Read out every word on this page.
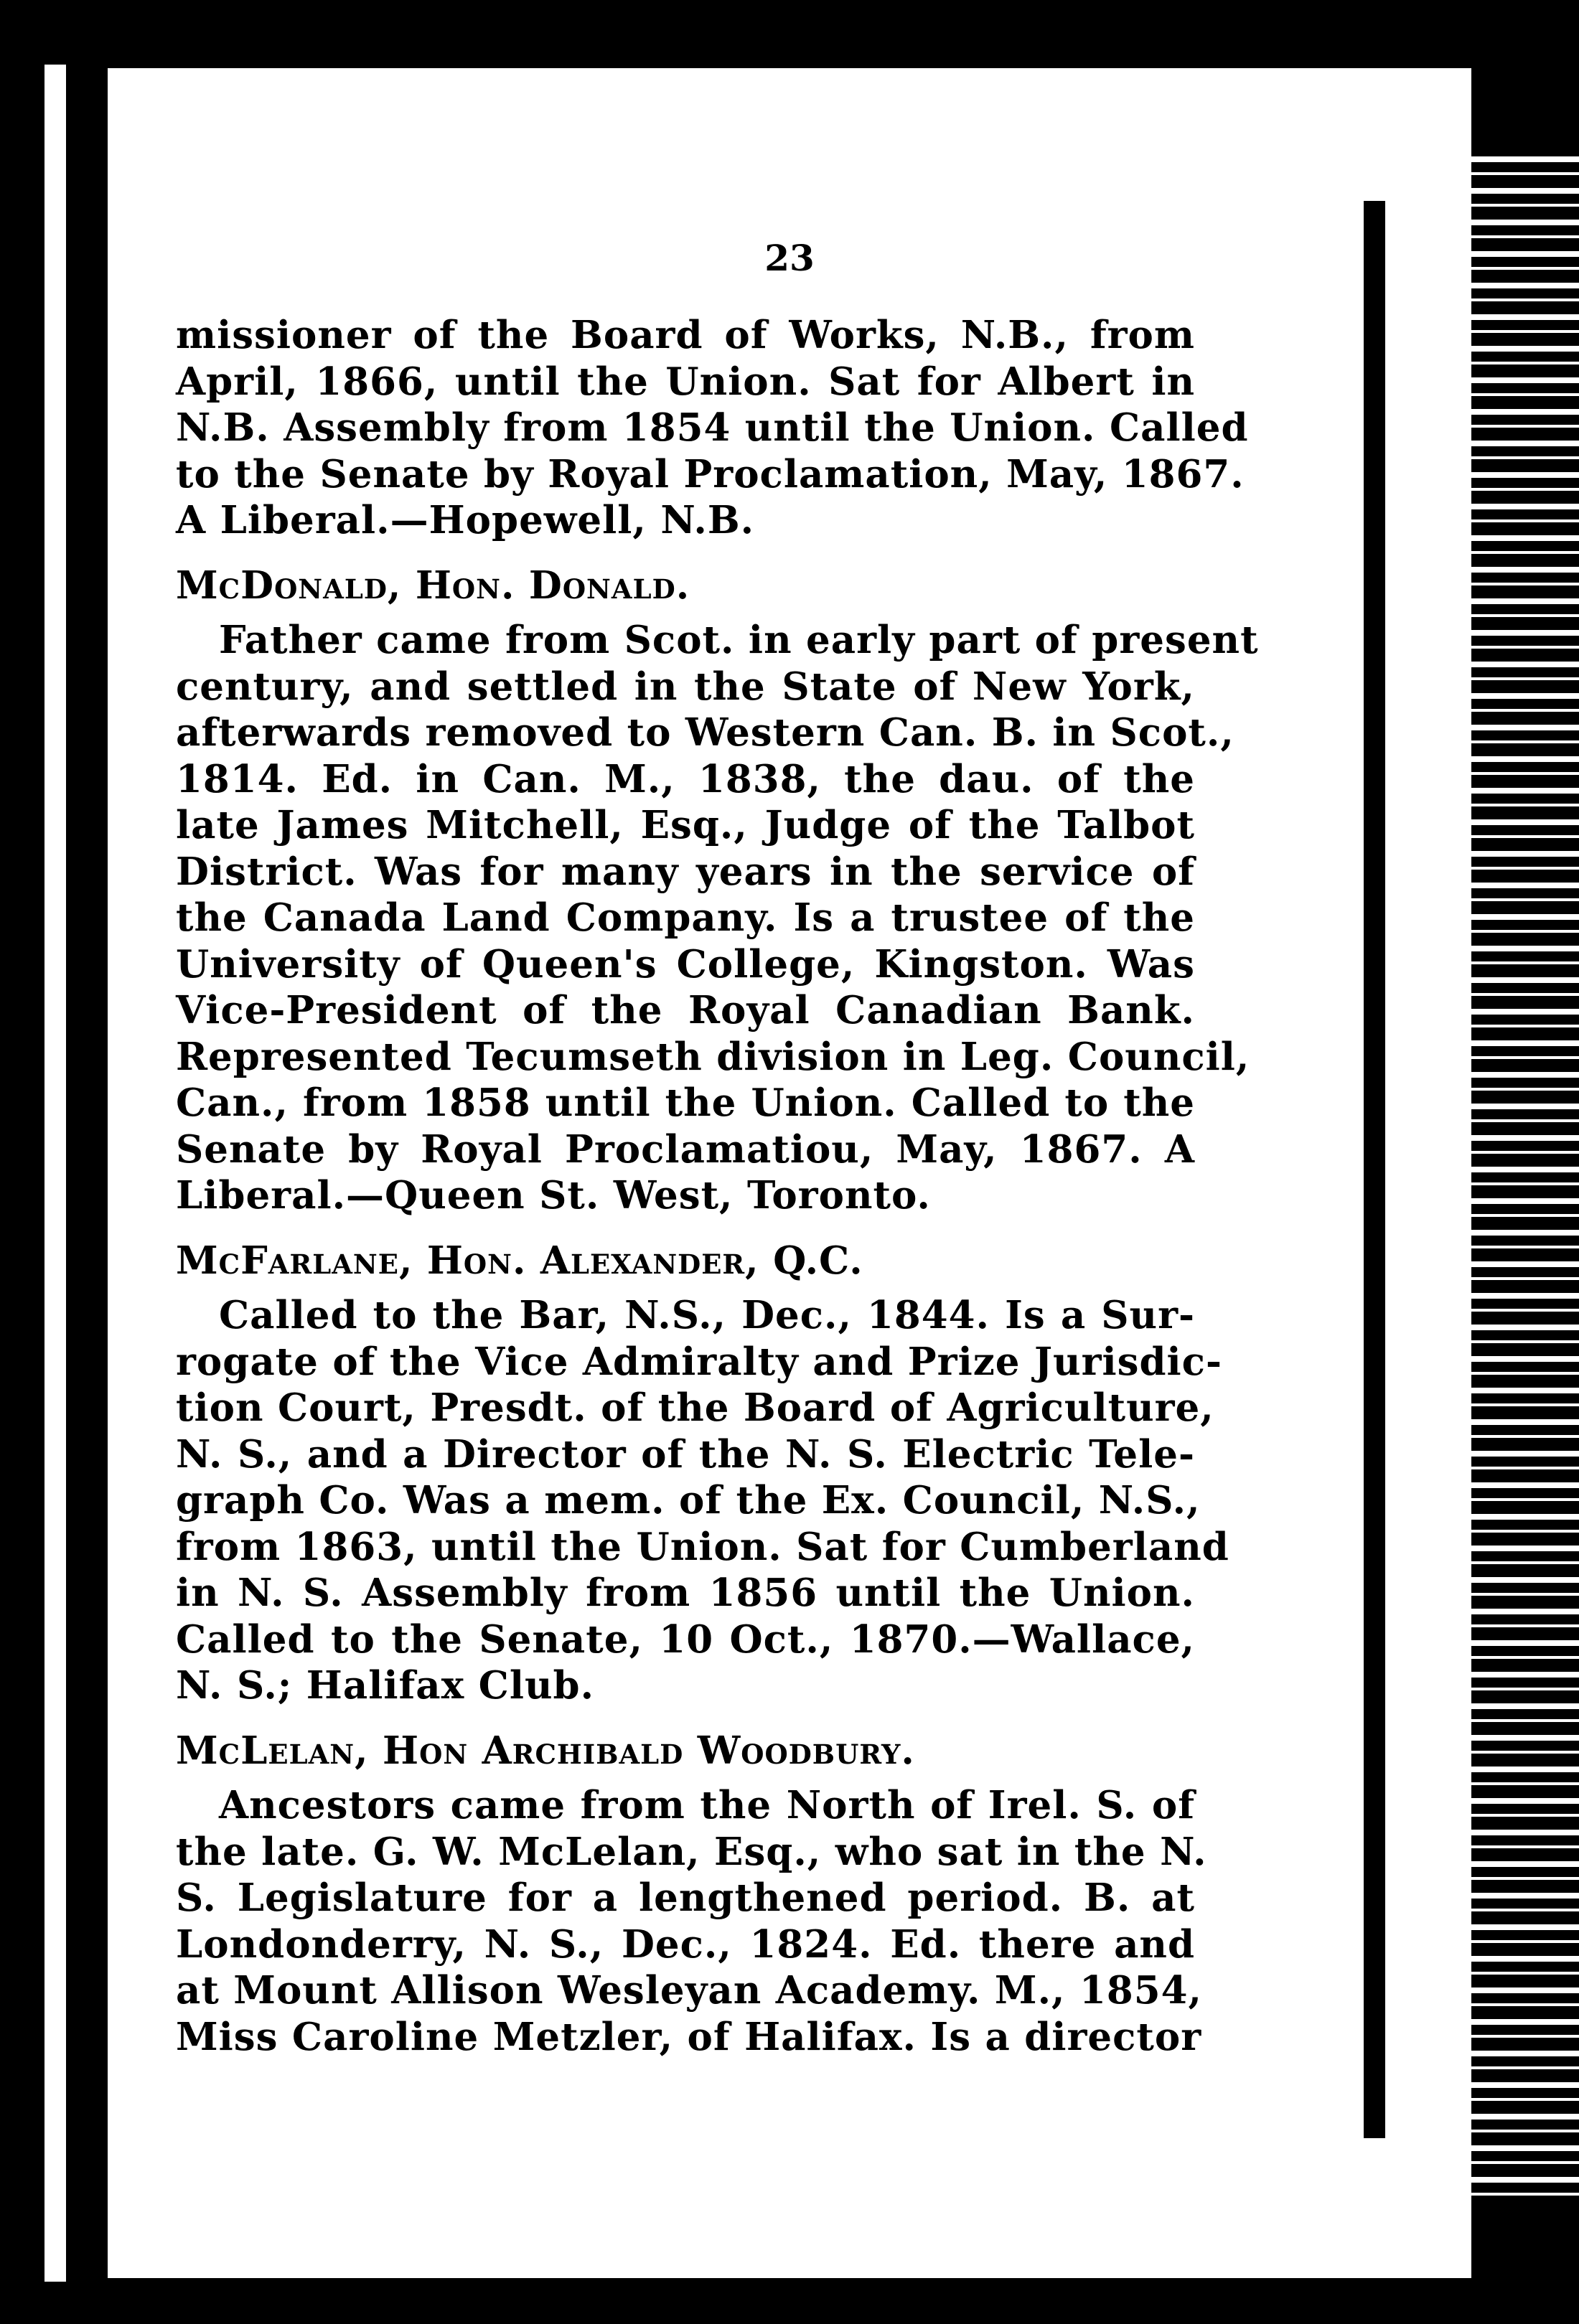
23
missioner of the Board of Works, N.B., from
April, 1866, until the Union. Sat for Albert in
N.B. Assembly from 1854 until the Union. Called
to the Senate by Royal Proclamation, May, 1867.
A Liberal.—Hopewell, N.B.
McDonald, Hon. Donald.
Father came from Scot. in early part of present
century, and settled in the State of New York,
afterwards removed to Western Can. B. in Scot.,
1814. Ed. in Can. M., 1838, the dau. of the
late James Mitchell, Esq., Judge of the Talbot
District. Was for many years in the service of
the Canada Land Company. Is a trustee of the
University of Queen's College, Kingston. Was
Vice-President of the Royal Canadian Bank.
Represented Tecumseth division in Leg. Council,
Can., from 1858 until the Union. Called to the
Senate by Royal Proclamatiou, May, 1867. A
Liberal.—Queen St. West, Toronto.
McFarlane, Hon. Alexander, Q.C.
Called to the Bar, N.S., Dec., 1844. Is a Sur-
rogate of the Vice Admiralty and Prize Jurisdic-
tion Court, Presdt. of the Board of Agriculture,
N. S., and a Director of the N. S. Electric Tele-
graph Co. Was a mem. of the Ex. Council, N.S.,
from 1863, until the Union. Sat for Cumberland
in N. S. Assembly from 1856 until the Union.
Called to the Senate, 10 Oct., 1870.—Wallace,
N. S.; Halifax Club.
McLelan, Hon Archibald Woodbury.
Ancestors came from the North of Irel. S. of
the late. G. W. McLelan, Esq., who sat in the N.
S. Legislature for a lengthened period. B. at
Londonderry, N. S., Dec., 1824. Ed. there and
at Mount Allison Wesleyan Academy. M., 1854,
Miss Caroline Metzler, of Halifax. Is a director
